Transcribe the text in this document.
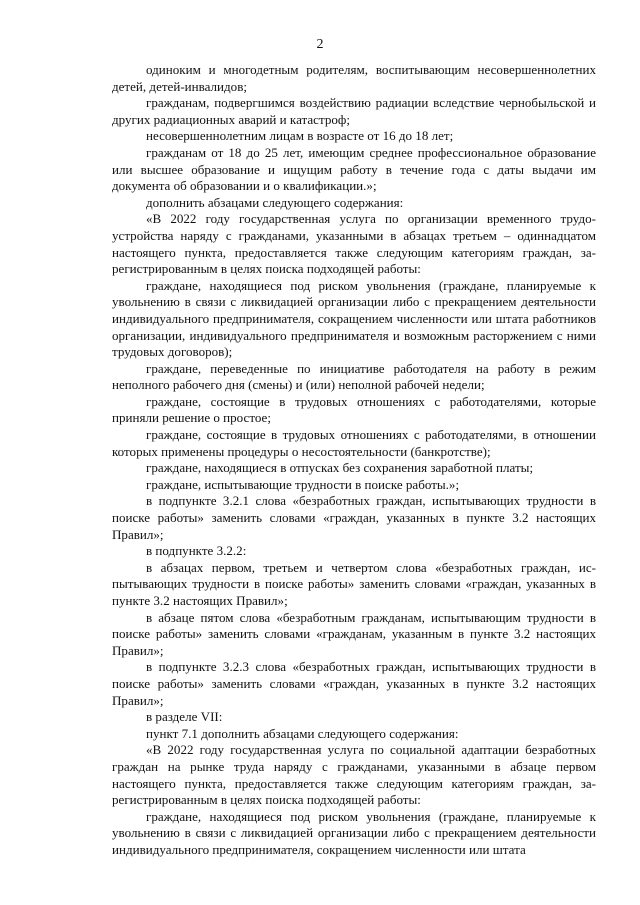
2

одиноким и многодетным родителям, воспитывающим несовершеннолетних детей, детей-инвалидов;

гражданам, подвергшимся воздействию радиации вследствие чернобыльской и других радиационных аварий и катастроф;

несовершеннолетним лицам в возрасте от 16 до 18 лет;

гражданам от 18 до 25 лет, имеющим среднее профессиональное образование или высшее образование и ищущим работу в течение года с даты выдачи им документа об образовании и о квалификации.»;

дополнить абзацами следующего содержания:

«В 2022 году государственная услуга по организации временного трудоустройства наряду с гражданами, указанными в абзацах третьем – одиннадцатом настоящего пункта, предоставляется также следующим категориям граждан, зарегистрированным в целях поиска подходящей работы:

граждане, находящиеся под риском увольнения (граждане, планируемые к увольнению в связи с ликвидацией организации либо с прекращением деятельности индивидуального предпринимателя, сокращением численности или штата работников организации, индивидуального предпринимателя и возможным расторжением с ними трудовых договоров);

граждане, переведенные по инициативе работодателя на работу в режим неполного рабочего дня (смены) и (или) неполной рабочей недели;

граждане, состоящие в трудовых отношениях с работодателями, которые приняли решение о простое;

граждане, состоящие в трудовых отношениях с работодателями, в отношении которых применены процедуры о несостоятельности (банкротстве);

граждане, находящиеся в отпусках без сохранения заработной платы;

граждане, испытывающие трудности в поиске работы.»;

в подпункте 3.2.1 слова «безработных граждан, испытывающих трудности в поиске работы» заменить словами «граждан, указанных в пункте 3.2 настоящих Правил»;

в подпункте 3.2.2:

в абзацах первом, третьем и четвертом слова «безработных граждан, испытывающих трудности в поиске работы» заменить словами «граждан, указанных в пункте 3.2 настоящих Правил»;

в абзаце пятом слова «безработным гражданам, испытывающим трудности в поиске работы» заменить словами «гражданам, указанным в пункте 3.2 настоящих Правил»;

в подпункте 3.2.3 слова «безработных граждан, испытывающих трудности в поиске работы» заменить словами «граждан, указанных в пункте 3.2 настоящих Правил»;

в разделе VII:

пункт 7.1 дополнить абзацами следующего содержания:

«В 2022 году государственная услуга по социальной адаптации безработных граждан на рынке труда наряду с гражданами, указанными в абзаце первом настоящего пункта, предоставляется также следующим категориям граждан, зарегистрированным в целях поиска подходящей работы:

граждане, находящиеся под риском увольнения (граждане, планируемые к увольнению в связи с ликвидацией организации либо с прекращением деятельности индивидуального предпринимателя, сокращением численности или штата
